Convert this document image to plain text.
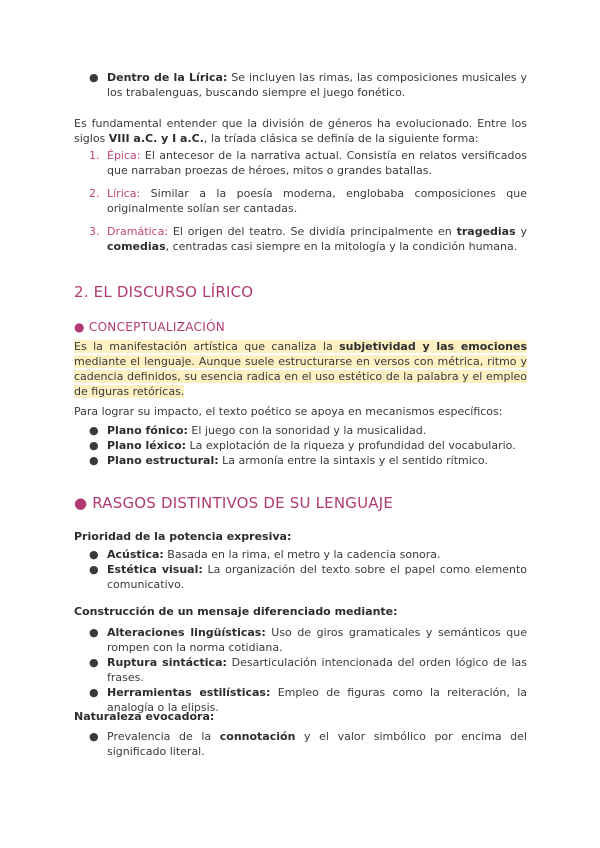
● Dentro de la Lírica: Se incluyen las rimas, las composiciones musicales y los trabalenguas, buscando siempre el juego fonético.
Es fundamental entender que la división de géneros ha evolucionado. Entre los siglos VIII a.C. y I a.C., la tríada clásica se definía de la siguiente forma:
1. Épica: El antecesor de la narrativa actual. Consistía en relatos versificados que narraban proezas de héroes, mitos o grandes batallas.
2. Lírica: Similar a la poesía moderna, englobaba composiciones que originalmente solían ser cantadas.
3. Dramática: El origen del teatro. Se dividía principalmente en tragedias y comedias, centradas casi siempre en la mitología y la condición humana.
2. EL DISCURSO LÍRICO
● CONCEPTUALIZACIÓN
Es la manifestación artística que canaliza la subjetividad y las emociones mediante el lenguaje. Aunque suele estructurarse en versos con métrica, ritmo y cadencia definidos, su esencia radica en el uso estético de la palabra y el empleo de figuras retóricas.
Para lograr su impacto, el texto poético se apoya en mecanismos específicos:
● Plano fónico: El juego con la sonoridad y la musicalidad.
● Plano léxico: La explotación de la riqueza y profundidad del vocabulario.
● Plano estructural: La armonía entre la sintaxis y el sentido rítmico.
● RASGOS DISTINTIVOS DE SU LENGUAJE
Prioridad de la potencia expresiva:
● Acústica: Basada en la rima, el metro y la cadencia sonora.
● Estética visual: La organización del texto sobre el papel como elemento comunicativo.
Construcción de un mensaje diferenciado mediante:
● Alteraciones lingüísticas: Uso de giros gramaticales y semánticos que rompen con la norma cotidiana.
● Ruptura sintáctica: Desarticulación intencionada del orden lógico de las frases.
● Herramientas estilísticas: Empleo de figuras como la reiteración, la analogía o la elipsis.
Naturaleza evocadora:
● Prevalencia de la connotación y el valor simbólico por encima del significado literal.
